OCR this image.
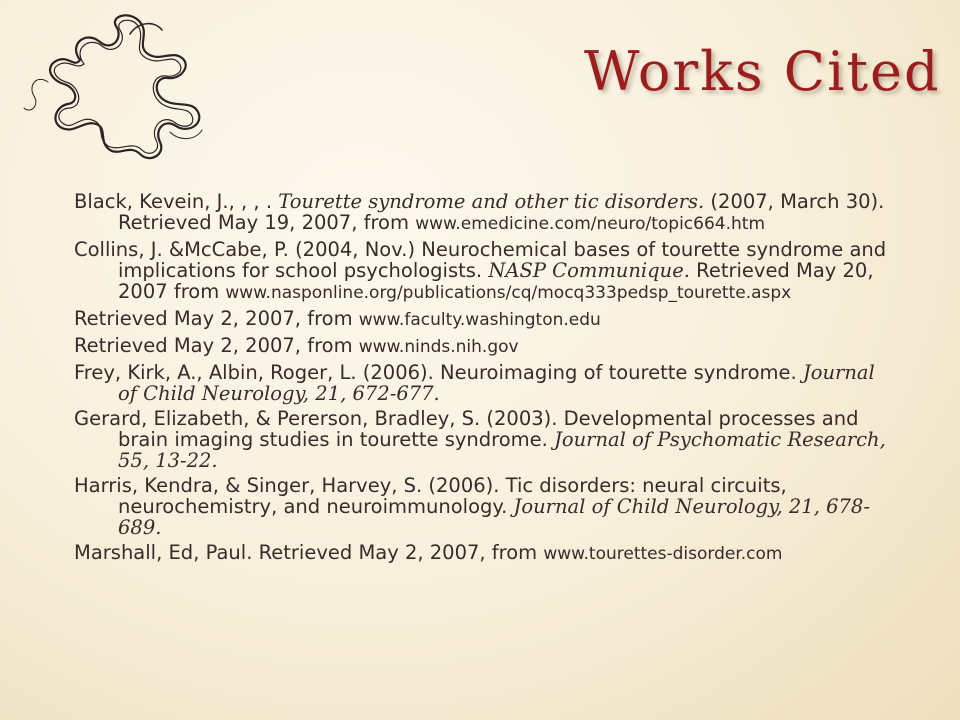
Works Cited

Black, Kevein, J., , , . Tourette syndrome and other tic disorders. (2007, March 30). Retrieved May 19, 2007, from www.emedicine.com/neuro/topic664.htm

Collins, J. &McCabe, P. (2004, Nov.) Neurochemical bases of tourette syndrome and implications for school psychologists. NASP Communique. Retrieved May 20, 2007 from www.nasponline.org/publications/cq/mocq333pedsp_tourette.aspx

Retrieved May 2, 2007, from www.faculty.washington.edu

Retrieved May 2, 2007, from www.ninds.nih.gov

Frey, Kirk, A., Albin, Roger, L. (2006). Neuroimaging of tourette syndrome. Journal of Child Neurology, 21, 672-677.

Gerard, Elizabeth, & Pererson, Bradley, S. (2003). Developmental processes and brain imaging studies in tourette syndrome. Journal of Psychomatic Research, 55, 13-22.

Harris, Kendra, & Singer, Harvey, S. (2006). Tic disorders: neural circuits, neurochemistry, and neuroimmunology. Journal of Child Neurology, 21, 678-689.

Marshall, Ed, Paul. Retrieved May 2, 2007, from www.tourettes-disorder.com
